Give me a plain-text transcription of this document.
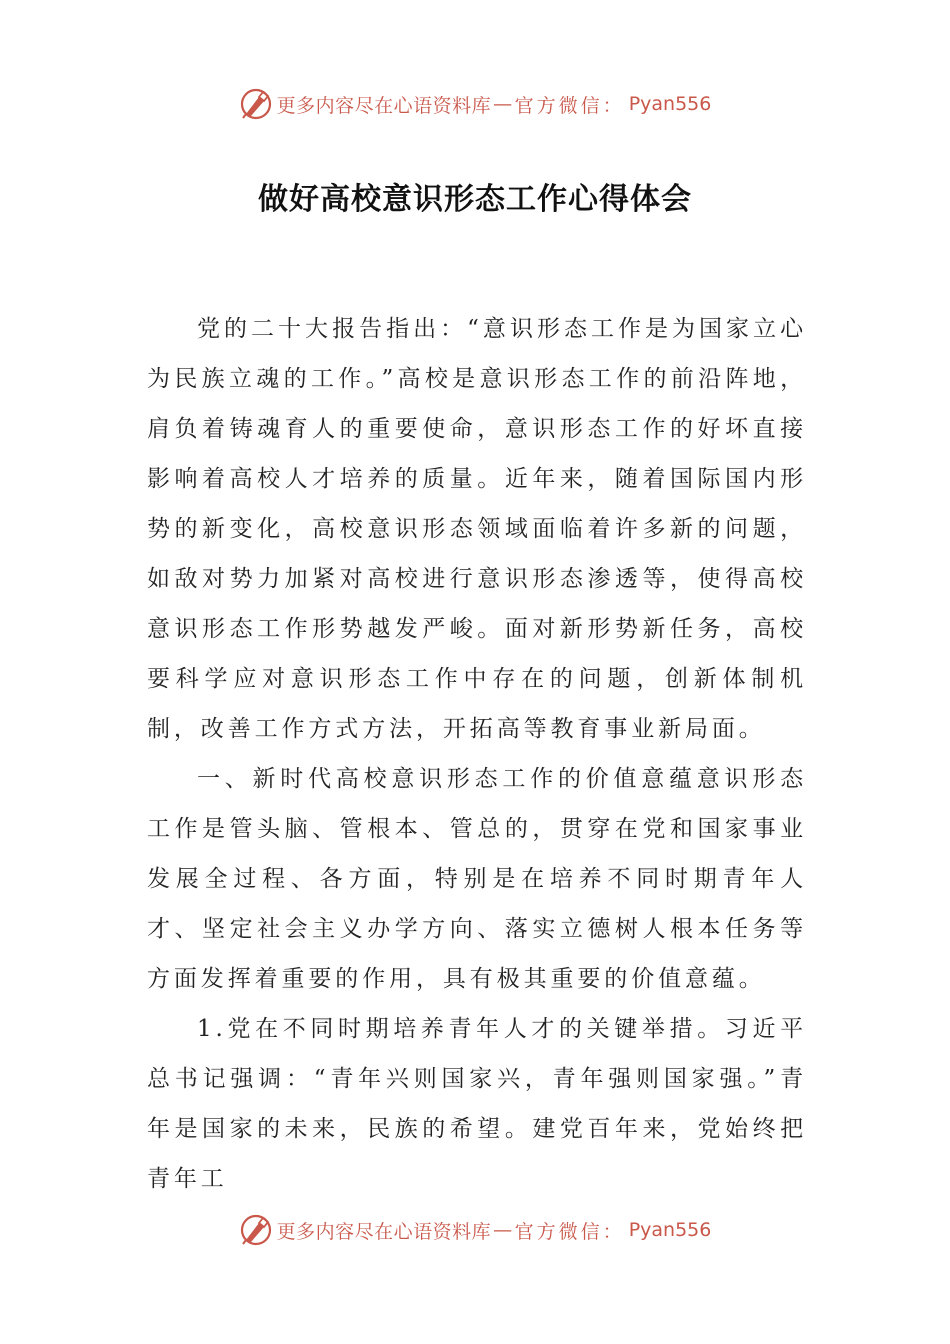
更多内容尽在心语资料库 — 官方微信： Pyan556
做好高校意识形态工作心得体会

党的二十大报告指出：“意识形态工作是为国家立心为民族立魂的工作。”高校是意识形态工作的前沿阵地，肩负着铸魂育人的重要使命，意识形态工作的好坏直接影响着高校人才培养的质量。近年来，随着国际国内形势的新变化，高校意识形态领域面临着许多新的问题，如敌对势力加紧对高校进行意识形态渗透等，使得高校意识形态工作形势越发严峻。面对新形势新任务，高校要科学应对意识形态工作中存在的问题，创新体制机制，改善工作方式方法，开拓高等教育事业新局面。

一、新时代高校意识形态工作的价值意蕴意识形态工作是管头脑、管根本、管总的，贯穿在党和国家事业发展全过程、各方面，特别是在培养不同时期青年人才、坚定社会主义办学方向、落实立德树人根本任务等方面发挥着重要的作用，具有极其重要的价值意蕴。

1.党在不同时期培养青年人才的关键举措。习近平总书记强调：“青年兴则国家兴，青年强则国家强。”青年是国家的未来，民族的希望。建党百年来，党始终把青年工

更多内容尽在心语资料库 — 官方微信： Pyan556
